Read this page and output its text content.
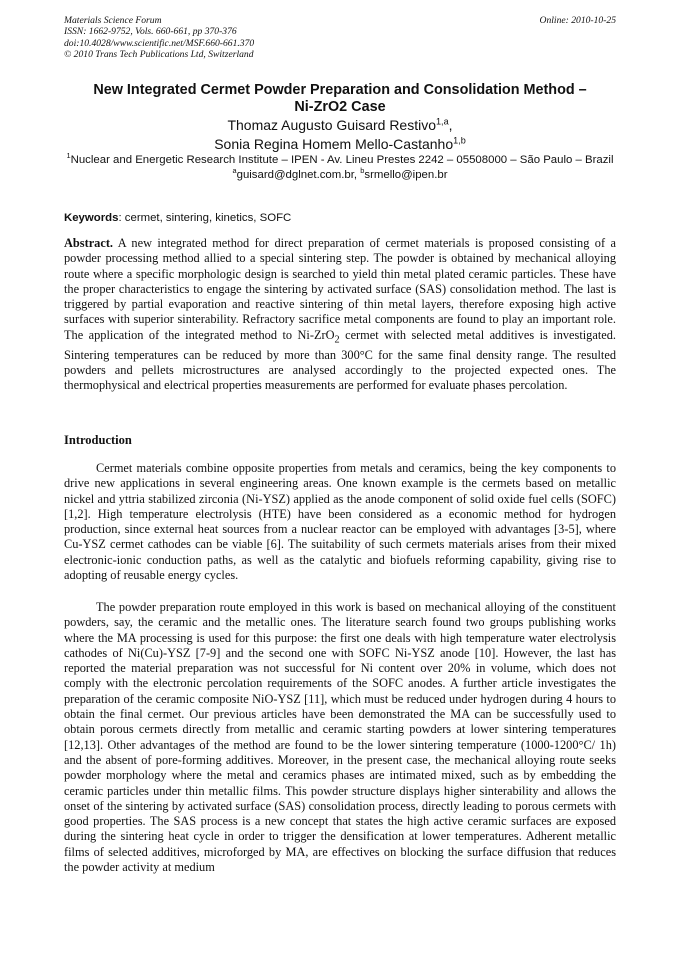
Materials Science Forum
ISSN: 1662-9752, Vols. 660-661, pp 370-376
doi:10.4028/www.scientific.net/MSF.660-661.370
© 2010 Trans Tech Publications Ltd, Switzerland
Online: 2010-10-25
New Integrated Cermet Powder Preparation and Consolidation Method –
Ni-ZrO2 Case
Thomaz Augusto Guisard Restivo$^{1,a}$,
Sonia Regina Homem Mello-Castanho$^{1,b}$
$^1$Nuclear and Energetic Research Institute – IPEN - Av. Lineu Prestes 2242 – 05508000 – São Paulo – Brazil
$^a$guisard@dglnet.com.br, $^b$srmello@ipen.br
Keywords: cermet, sintering, kinetics, SOFC

Abstract. A new integrated method for direct preparation of cermet materials is proposed consisting of a powder processing method allied to a special sintering step. The powder is obtained by mechanical alloying route where a specific morphologic design is searched to yield thin metal plated ceramic particles. These have the proper characteristics to engage the sintering by activated surface (SAS) consolidation method. The last is triggered by partial evaporation and reactive sintering of thin metal layers, therefore exposing high active surfaces with superior sinterability. Refractory sacrifice metal components are found to play an important role. The application of the integrated method to Ni-ZrO$_2$ cermet with selected metal additives is investigated. Sintering temperatures can be reduced by more than 300°C for the same final density range. The resulted powders and pellets microstructures are analysed accordingly to the projected expected ones. The thermophysical and electrical properties measurements are performed for evaluate phases percolation.

Introduction

Cermet materials combine opposite properties from metals and ceramics, being the key components to drive new applications in several engineering areas. One known example is the cermets based on metallic nickel and yttria stabilized zirconia (Ni-YSZ) applied as the anode component of solid oxide fuel cells (SOFC) [1,2]. High temperature electrolysis (HTE) have been considered as a economic method for hydrogen production, since external heat sources from a nuclear reactor can be employed with advantages [3-5], where Cu-YSZ cermet cathodes can be viable [6]. The suitability of such cermets materials arises from their mixed electronic-ionic conduction paths, as well as the catalytic and biofuels reforming capability, giving rise to adopting of reusable energy cycles.

The powder preparation route employed in this work is based on mechanical alloying of the constituent powders, say, the ceramic and the metallic ones. The literature search found two groups publishing works where the MA processing is used for this purpose: the first one deals with high temperature water electrolysis cathodes of Ni(Cu)-YSZ [7-9] and the second one with SOFC Ni-YSZ anode [10]. However, the last has reported the material preparation was not successful for Ni content over 20% in volume, which does not comply with the electronic percolation requirements of the SOFC anodes. A further article investigates the preparation of the ceramic composite NiO-YSZ [11], which must be reduced under hydrogen during 4 hours to obtain the final cermet. Our previous articles have been demonstrated the MA can be successfully used to obtain porous cermets directly from metallic and ceramic starting powders at lower sintering temperatures [12,13]. Other advantages of the method are found to be the lower sintering temperature (1000-1200°C/ 1h) and the absent of pore-forming additives. Moreover, in the present case, the mechanical alloying route seeks powder morphology where the metal and ceramics phases are intimated mixed, such as by embedding the ceramic particles under thin metallic films. This powder structure displays higher sinterability and allows the onset of the sintering by activated surface (SAS) consolidation process, directly leading to porous cermets with good properties. The SAS process is a new concept that states the high active ceramic surfaces are exposed during the sintering heat cycle in order to trigger the densification at lower temperatures. Adherent metallic films of selected additives, microforged by MA, are effectives on blocking the surface diffusion that reduces the powder activity at medium
